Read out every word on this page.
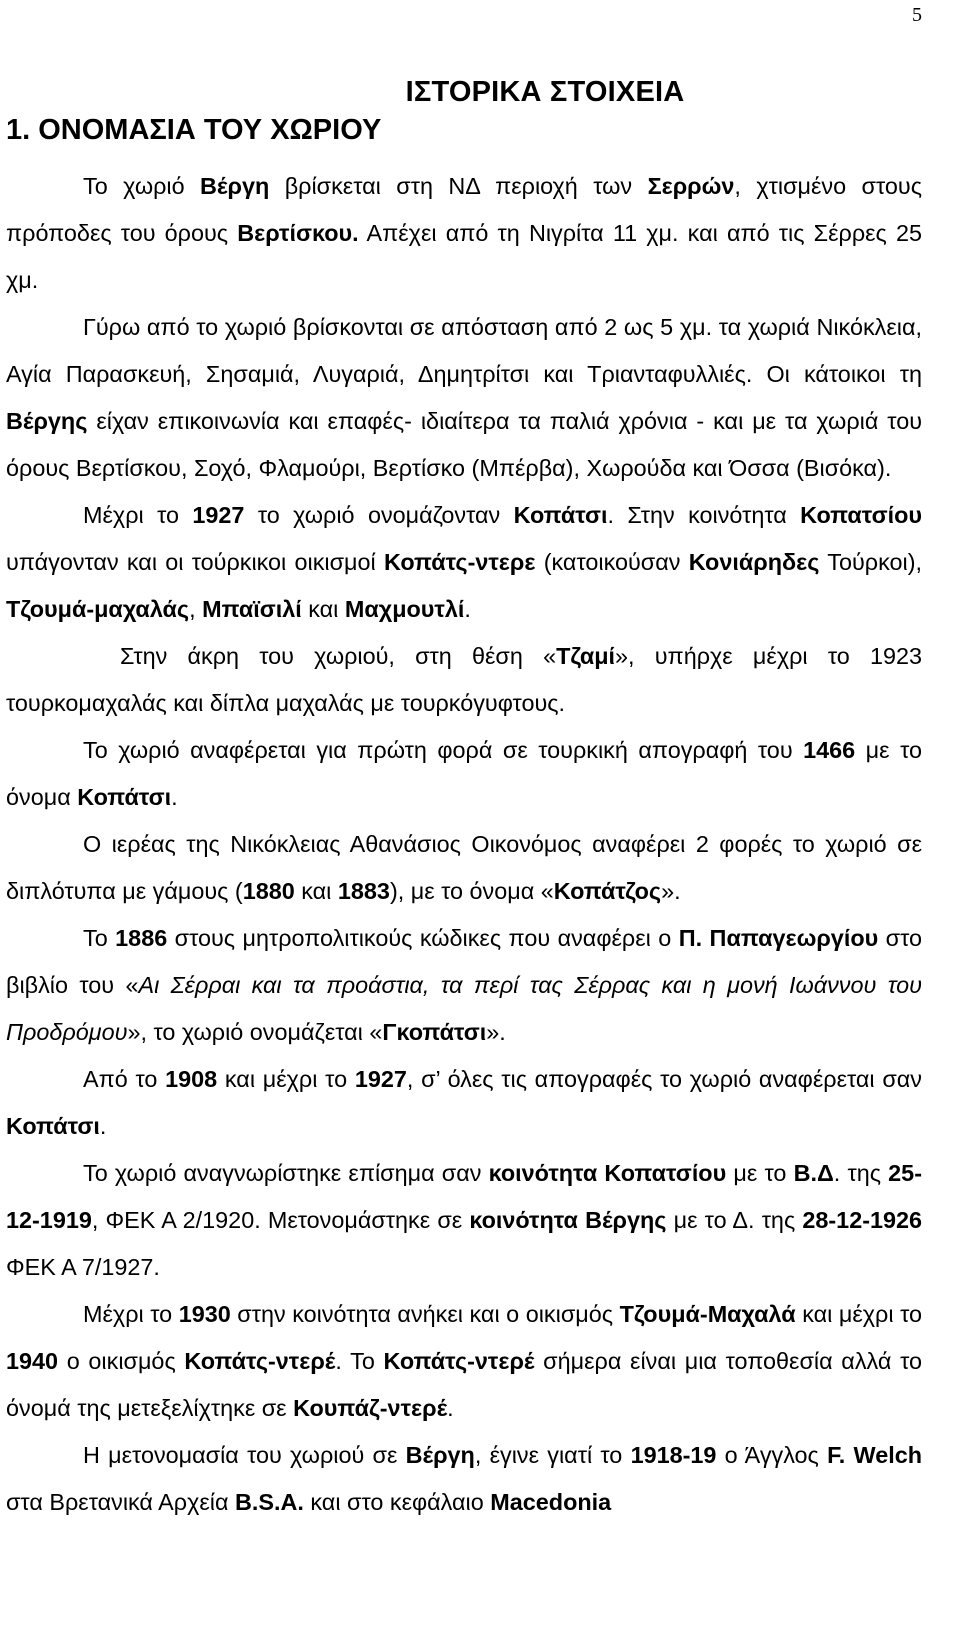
5
ΙΣΤΟΡΙΚΑ ΣΤΟΙΧΕΙΑ
1. ΟΝΟΜΑΣΙΑ ΤΟΥ ΧΩΡΙΟΥ

Το χωριό Βέργη βρίσκεται στη ΝΔ περιοχή των Σερρών, χτισμένο στους πρόποδες του όρους Βερτίσκου. Απέχει από τη Νιγρίτα 11 χμ. και από τις Σέρρες 25 χμ.

Γύρω από το χωριό βρίσκονται σε απόσταση από 2 ως 5 χμ. τα χωριά Νικόκλεια, Αγία Παρασκευή, Σησαμιά, Λυγαριά, Δημητρίτσι και Τριανταφυλλιές. Οι κάτοικοι τη Βέργης είχαν επικοινωνία και επαφές- ιδιαίτερα τα παλιά χρόνια - και με τα χωριά του όρους Βερτίσκου, Σοχό, Φλαμούρι, Βερτίσκο (Μπέρβα), Χωρούδα και Όσσα (Βισόκα).

Μέχρι το 1927 το χωριό ονομάζονταν Κοπάτσι. Στην κοινότητα Κοπατσίου υπάγονταν και οι τούρκικοι οικισμοί Κοπάτς-ντερε (κατοικούσαν Κονιάρηδες Τούρκοι), Τζουμά-μαχαλάς, Μπαϊσιλί και Μαχμουτλί.

Στην άκρη του χωριού, στη θέση «Τζαμί», υπήρχε μέχρι το 1923 τουρκομαχαλάς και δίπλα μαχαλάς με τουρκόγυφτους.

Το χωριό αναφέρεται για πρώτη φορά σε τουρκική απογραφή του 1466 με το όνομα Κοπάτσι.

Ο ιερέας της Νικόκλειας Αθανάσιος Οικονόμος αναφέρει 2 φορές το χωριό σε διπλότυπα με γάμους (1880 και 1883), με το όνομα «Κοπάτζος».

Το 1886 στους μητροπολιτικούς κώδικες που αναφέρει ο Π. Παπαγεωργίου στο βιβλίο του «Αι Σέρραι και τα προάστια, τα περί τας Σέρρας και η μονή Ιωάννου του Προδρόμου», το χωριό ονομάζεται «Γκοπάτσι».

Από το 1908 και μέχρι το 1927, σ’ όλες τις απογραφές το χωριό αναφέρεται σαν Κοπάτσι.

Το χωριό αναγνωρίστηκε επίσημα σαν κοινότητα Κοπατσίου με το Β.Δ. της 25-12-1919, ΦΕΚ Α 2/1920. Μετονομάστηκε σε κοινότητα Βέργης με το Δ. της 28-12-1926 ΦΕΚ Α 7/1927.

Μέχρι το 1930 στην κοινότητα ανήκει και ο οικισμός Τζουμά-Μαχαλά και μέχρι το 1940 ο οικισμός Κοπάτς-ντερέ. Το Κοπάτς-ντερέ σήμερα είναι μια τοποθεσία αλλά το όνομά της μετεξελίχτηκε σε Κουπάζ-ντερέ.

Η μετονομασία του χωριού σε Βέργη, έγινε γιατί το 1918-19 ο Άγγλος F. Welch στα Βρετανικά Αρχεία B.S.A. και στο κεφάλαιο Macedonia
